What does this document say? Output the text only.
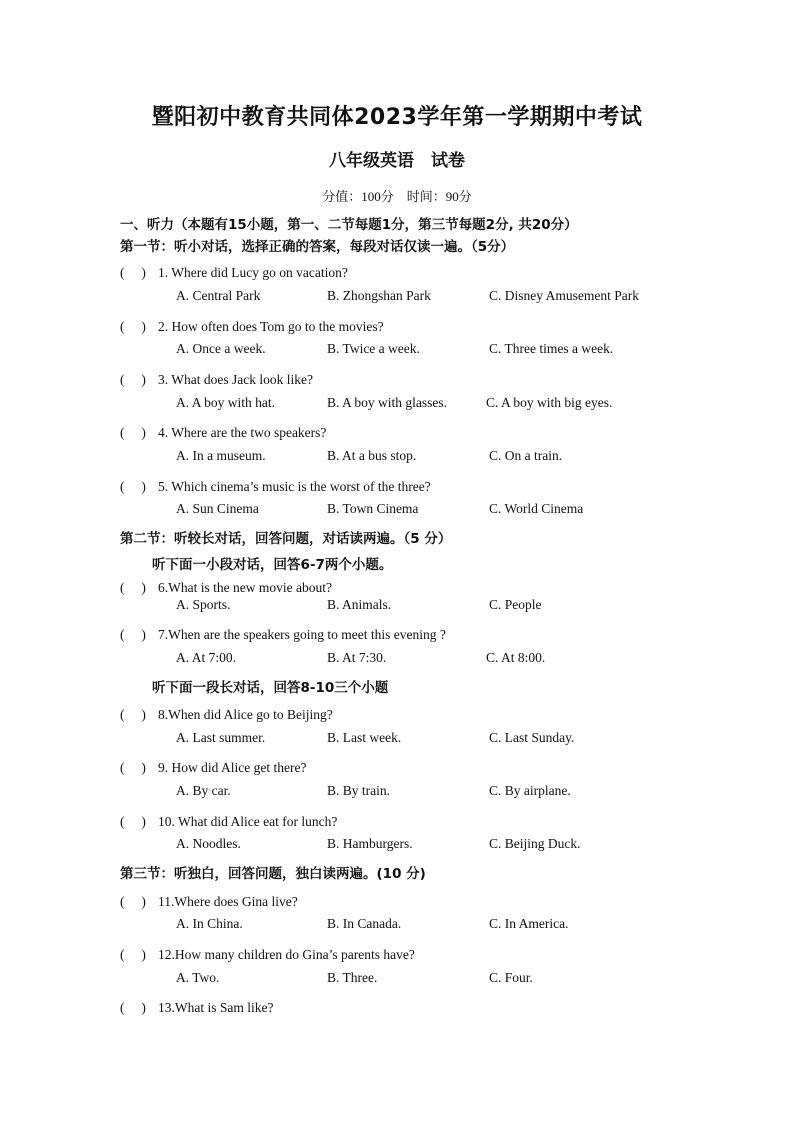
暨阳初中教育共同体2023学年第一学期期中考试
八年级英语　试卷
分值：100分　时间：90分
一、听力（本题有15小题，第一、二节每题1分，第三节每题2分, 共20分）
第一节：听小对话，选择正确的答案，每段对话仅读一遍。（5分）
(　 ) 1. Where did Lucy go on vacation?
A. Central Park	B. Zhongshan Park	C. Disney Amusement Park
(　 ) 2. How often does Tom go to the movies?
A. Once a week.	B. Twice a week.	C. Three times a week.
(　 ) 3. What does Jack look like?
A. A boy with hat.	B. A boy with glasses.	C. A boy with big eyes.
(　 ) 4. Where are the two speakers?
A. In a museum.	B. At a bus stop.	C. On a train.
(　 ) 5. Which cinema’s music is the worst of the three?
A. Sun Cinema	B. Town Cinema	C. World Cinema
第二节：听较长对话，回答问题，对话读两遍。（5 分）
听下面一小段对话，回答6-7两个小题。
(　 ) 6.What is the new movie about?
A. Sports.	B. Animals.	C. People
(　 ) 7.When are the speakers going to meet this evening ?
A. At 7:00.	B. At 7:30.	C. At 8:00.
听下面一段长对话，回答8-10三个小题
(　 ) 8.When did Alice go to Beijing?
A. Last summer.	B. Last week.	C. Last Sunday.
(　 ) 9. How did Alice get there?
A. By car.	B. By train.	C. By airplane.
(　 ) 10. What did Alice eat for lunch?
A. Noodles.	B. Hamburgers.	C. Beijing Duck.
第三节：听独白，回答问题，独白读两遍。(10 分)
(　 ) 11.Where does Gina live?
A. In China.	B. In Canada.	C. In America.
(　 ) 12.How many children do Gina’s parents have?
A. Two.	B. Three.	C. Four.
(　 ) 13.What is Sam like?
